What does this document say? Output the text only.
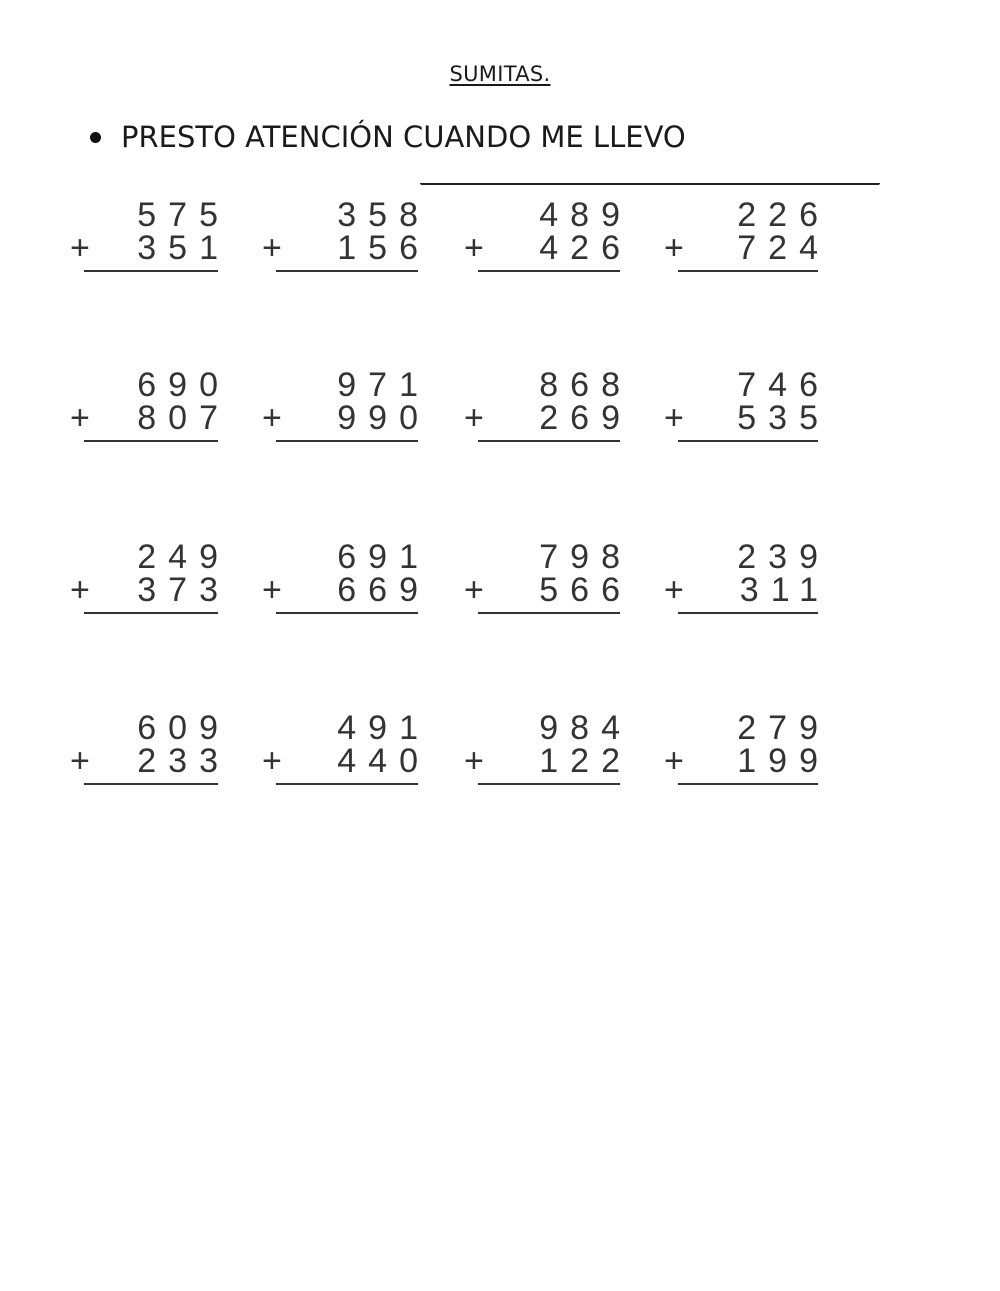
SUMITAS.
PRESTO ATENCIÓN CUANDO ME LLEVO
575
+ 351
358
+ 156
489
+ 426
226
+ 724
690
+ 807
971
+ 990
868
+ 269
746
+ 535
249
+ 373
691
+ 669
798
+ 566
239
+ 311
609
+ 233
491
+ 440
984
+ 122
279
+ 199
